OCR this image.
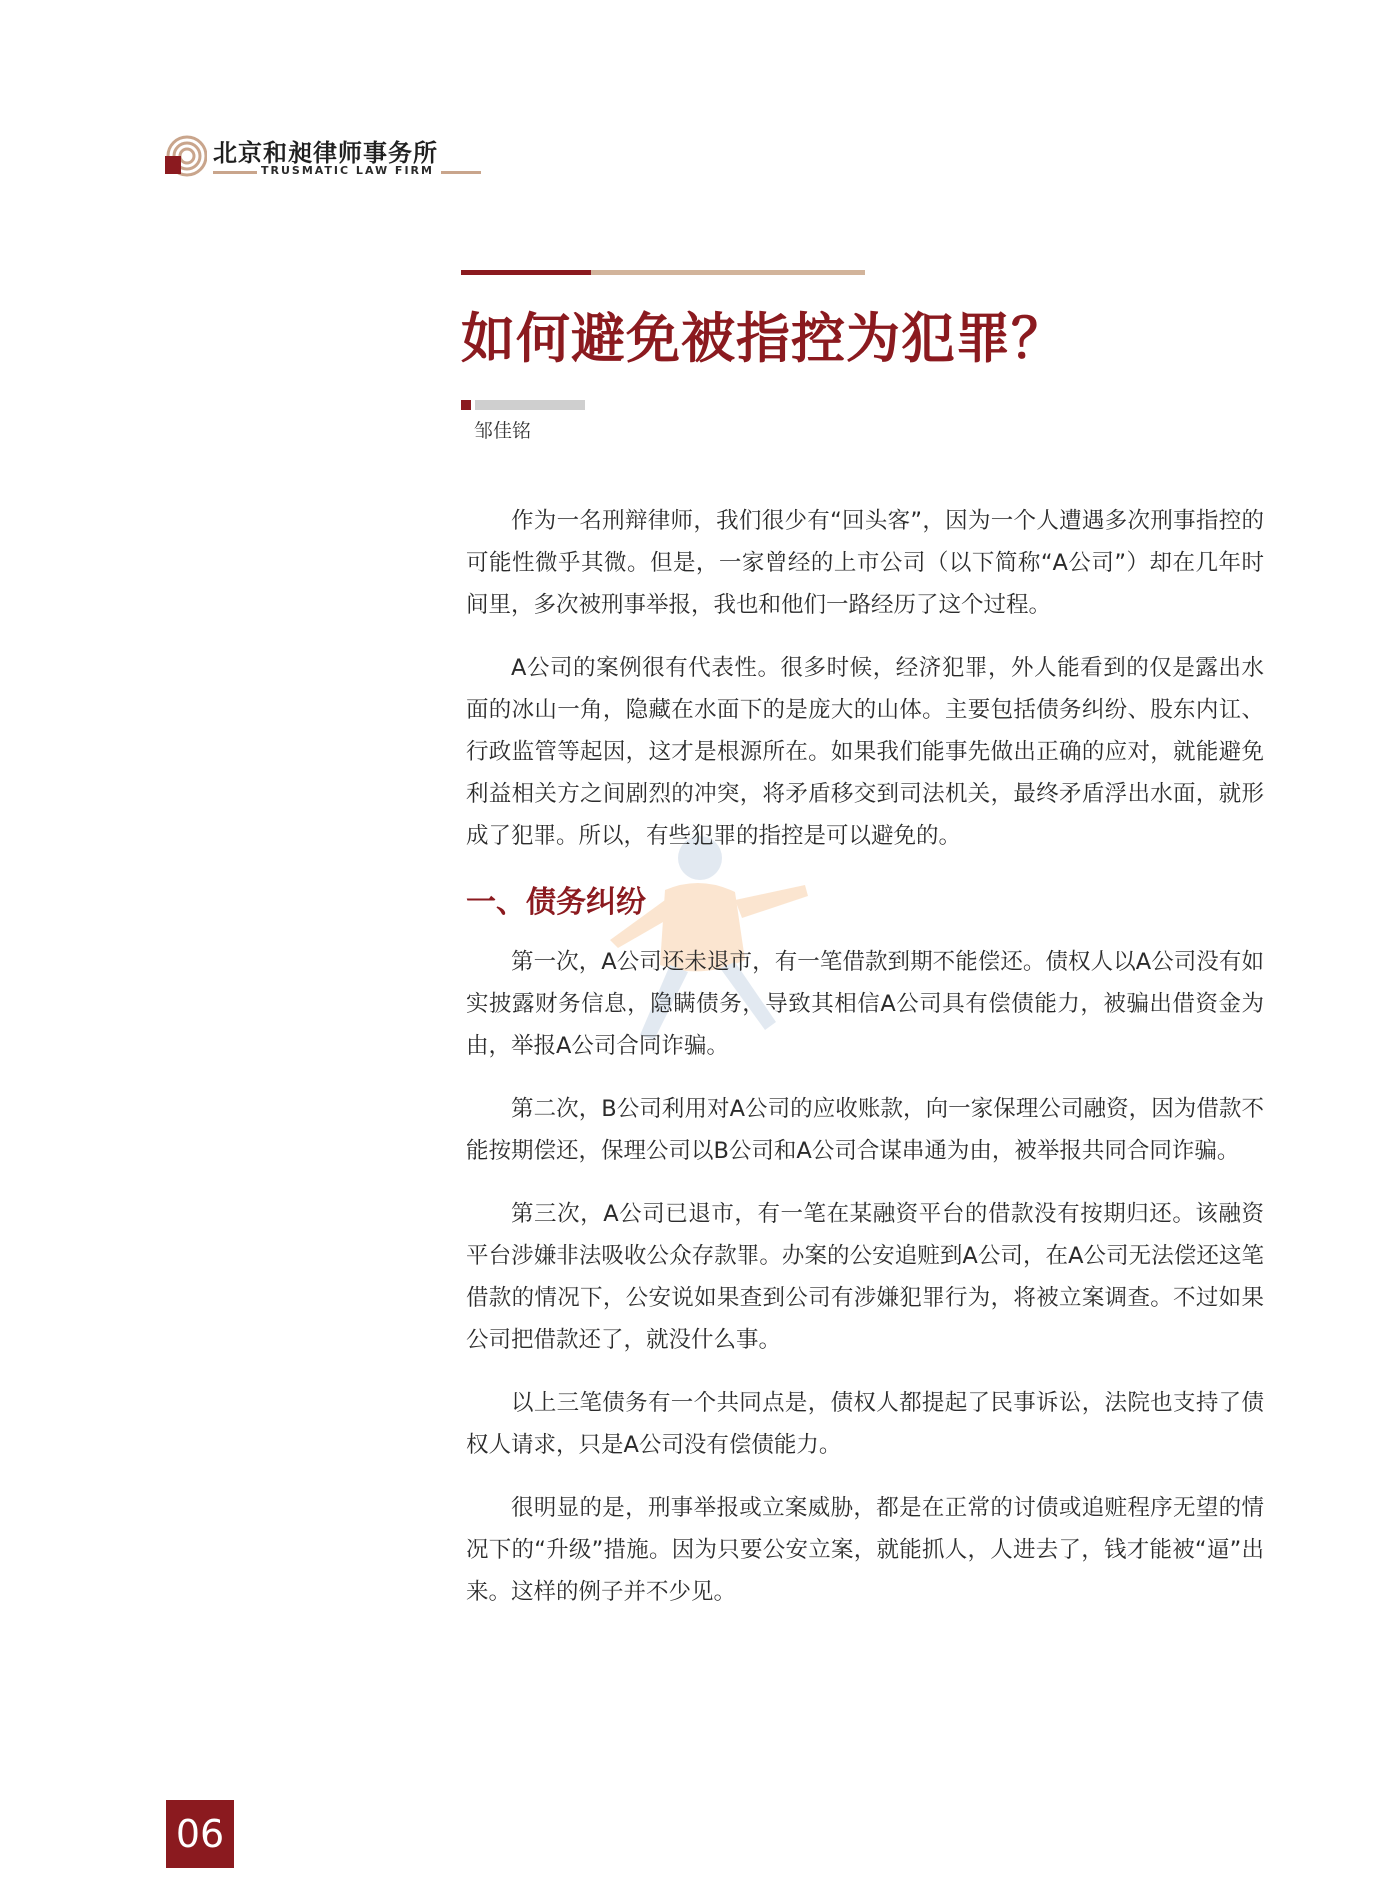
北京和昶律师事务所
TRUSMATIC LAW FIRM
如何避免被指控为犯罪？
邹佳铭

作为一名刑辩律师，我们很少有“回头客”，因为一个人遭遇多次刑事指控的可能性微乎其微。但是，一家曾经的上市公司（以下简称“A公司”）却在几年时间里，多次被刑事举报，我也和他们一路经历了这个过程。

A公司的案例很有代表性。很多时候，经济犯罪，外人能看到的仅是露出水面的冰山一角，隐藏在水面下的是庞大的山体。主要包括债务纠纷、股东内讧、行政监管等起因，这才是根源所在。如果我们能事先做出正确的应对，就能避免利益相关方之间剧烈的冲突，将矛盾移交到司法机关，最终矛盾浮出水面，就形成了犯罪。所以，有些犯罪的指控是可以避免的。

一、债务纠纷

第一次，A公司还未退市，有一笔借款到期不能偿还。债权人以A公司没有如实披露财务信息，隐瞒债务，导致其相信A公司具有偿债能力，被骗出借资金为由，举报A公司合同诈骗。

第二次，B公司利用对A公司的应收账款，向一家保理公司融资，因为借款不能按期偿还，保理公司以B公司和A公司合谋串通为由，被举报共同合同诈骗。

第三次，A公司已退市，有一笔在某融资平台的借款没有按期归还。该融资平台涉嫌非法吸收公众存款罪。办案的公安追赃到A公司，在A公司无法偿还这笔借款的情况下，公安说如果查到公司有涉嫌犯罪行为，将被立案调查。不过如果公司把借款还了，就没什么事。

以上三笔债务有一个共同点是，债权人都提起了民事诉讼，法院也支持了债权人请求，只是A公司没有偿债能力。

很明显的是，刑事举报或立案威胁，都是在正常的讨债或追赃程序无望的情况下的“升级”措施。因为只要公安立案，就能抓人，人进去了，钱才能被“逼”出来。这样的例子并不少见。

06
